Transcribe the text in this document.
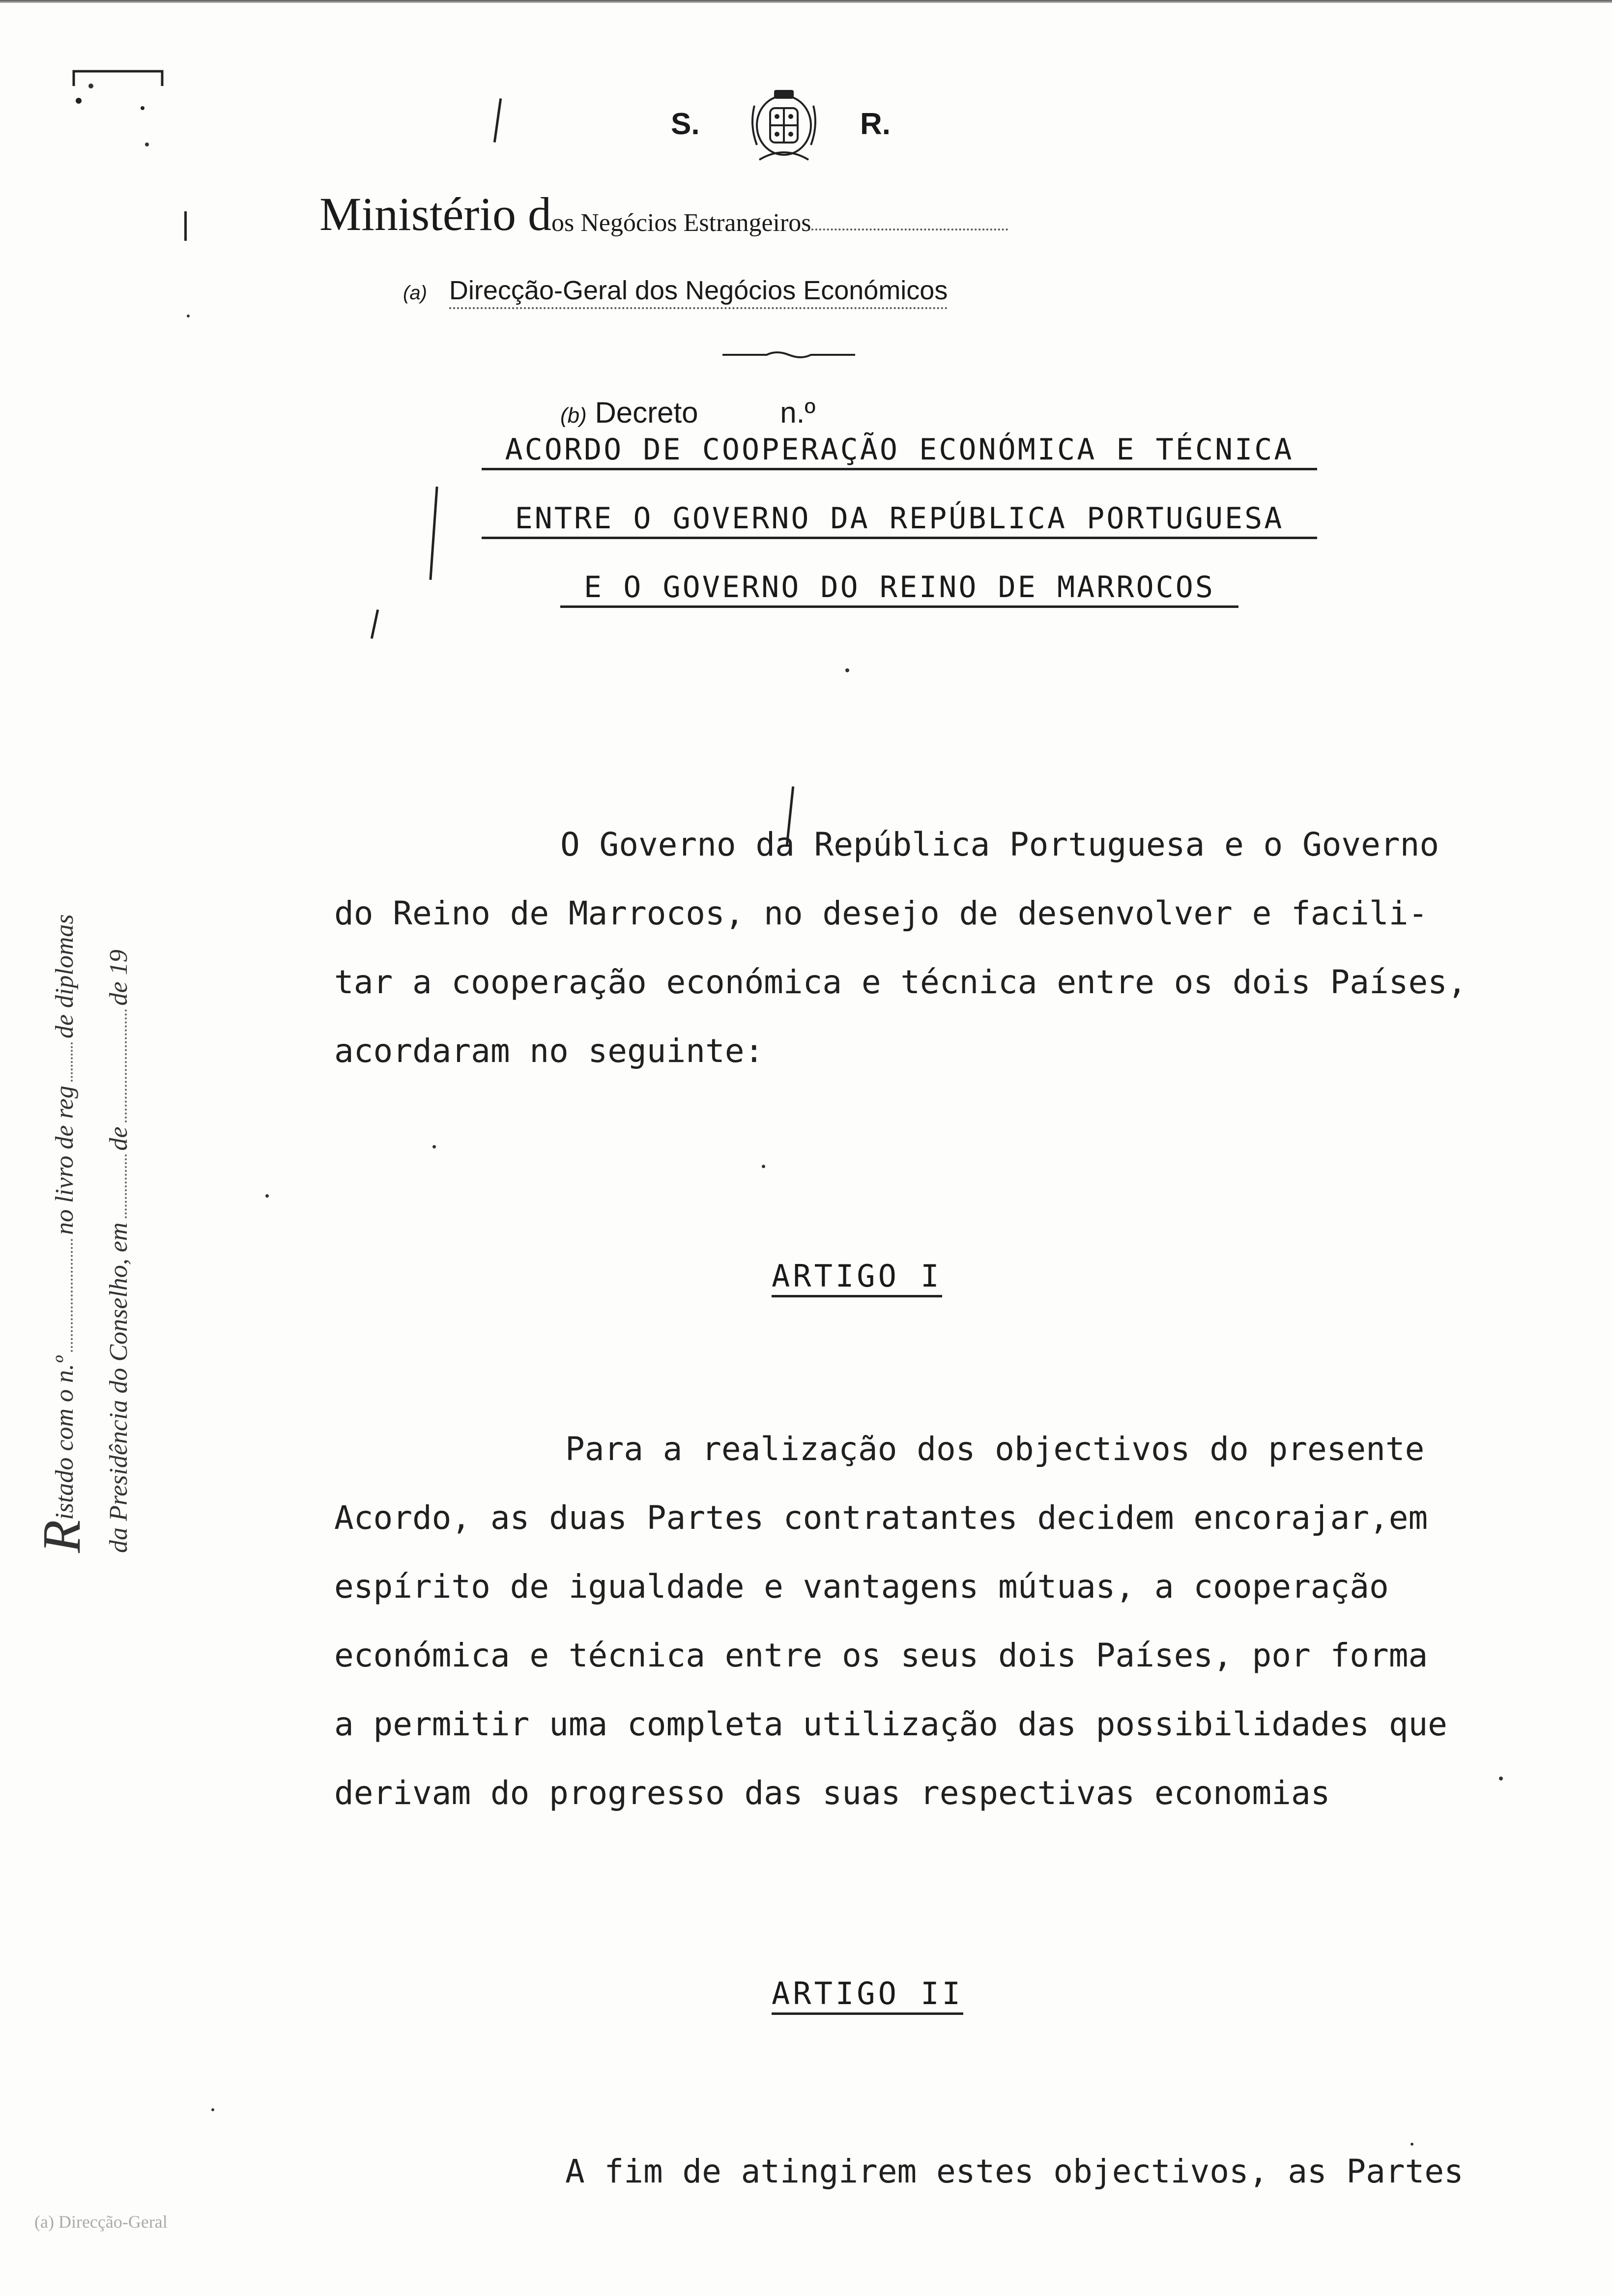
S.	R.
Ministério dos Negócios Estrangeiros
(a) Direcção-Geral dos Negócios Económicos
(b) Decreto	n.º
ACORDO DE COOPERAÇÃO ECONÓMICA E TÉCNICA
ENTRE O GOVERNO DA REPÚBLICA PORTUGUESA
E O GOVERNO DO REINO DE MARROCOS
O Governo da República Portuguesa e o Governo
do Reino de Marrocos, no desejo de desenvolver e facili-
tar a cooperação económica e técnica entre os dois Países,
acordaram no seguinte:
ARTIGO I
Para a realização dos objectivos do presente
Acordo, as duas Partes contratantes decidem encorajar,em
espírito de igualdade e vantagens mútuas, a cooperação
económica e técnica entre os seus dois Países, por forma
a permitir uma completa utilização das possibilidades que
derivam do progresso das suas respectivas economias
ARTIGO II
A fim de atingirem estes objectivos, as Partes
Ristado com o n.ºno livro de regde diplomas
da Presidência do Conselho, emdede 19
(a) Direcção-Geral
